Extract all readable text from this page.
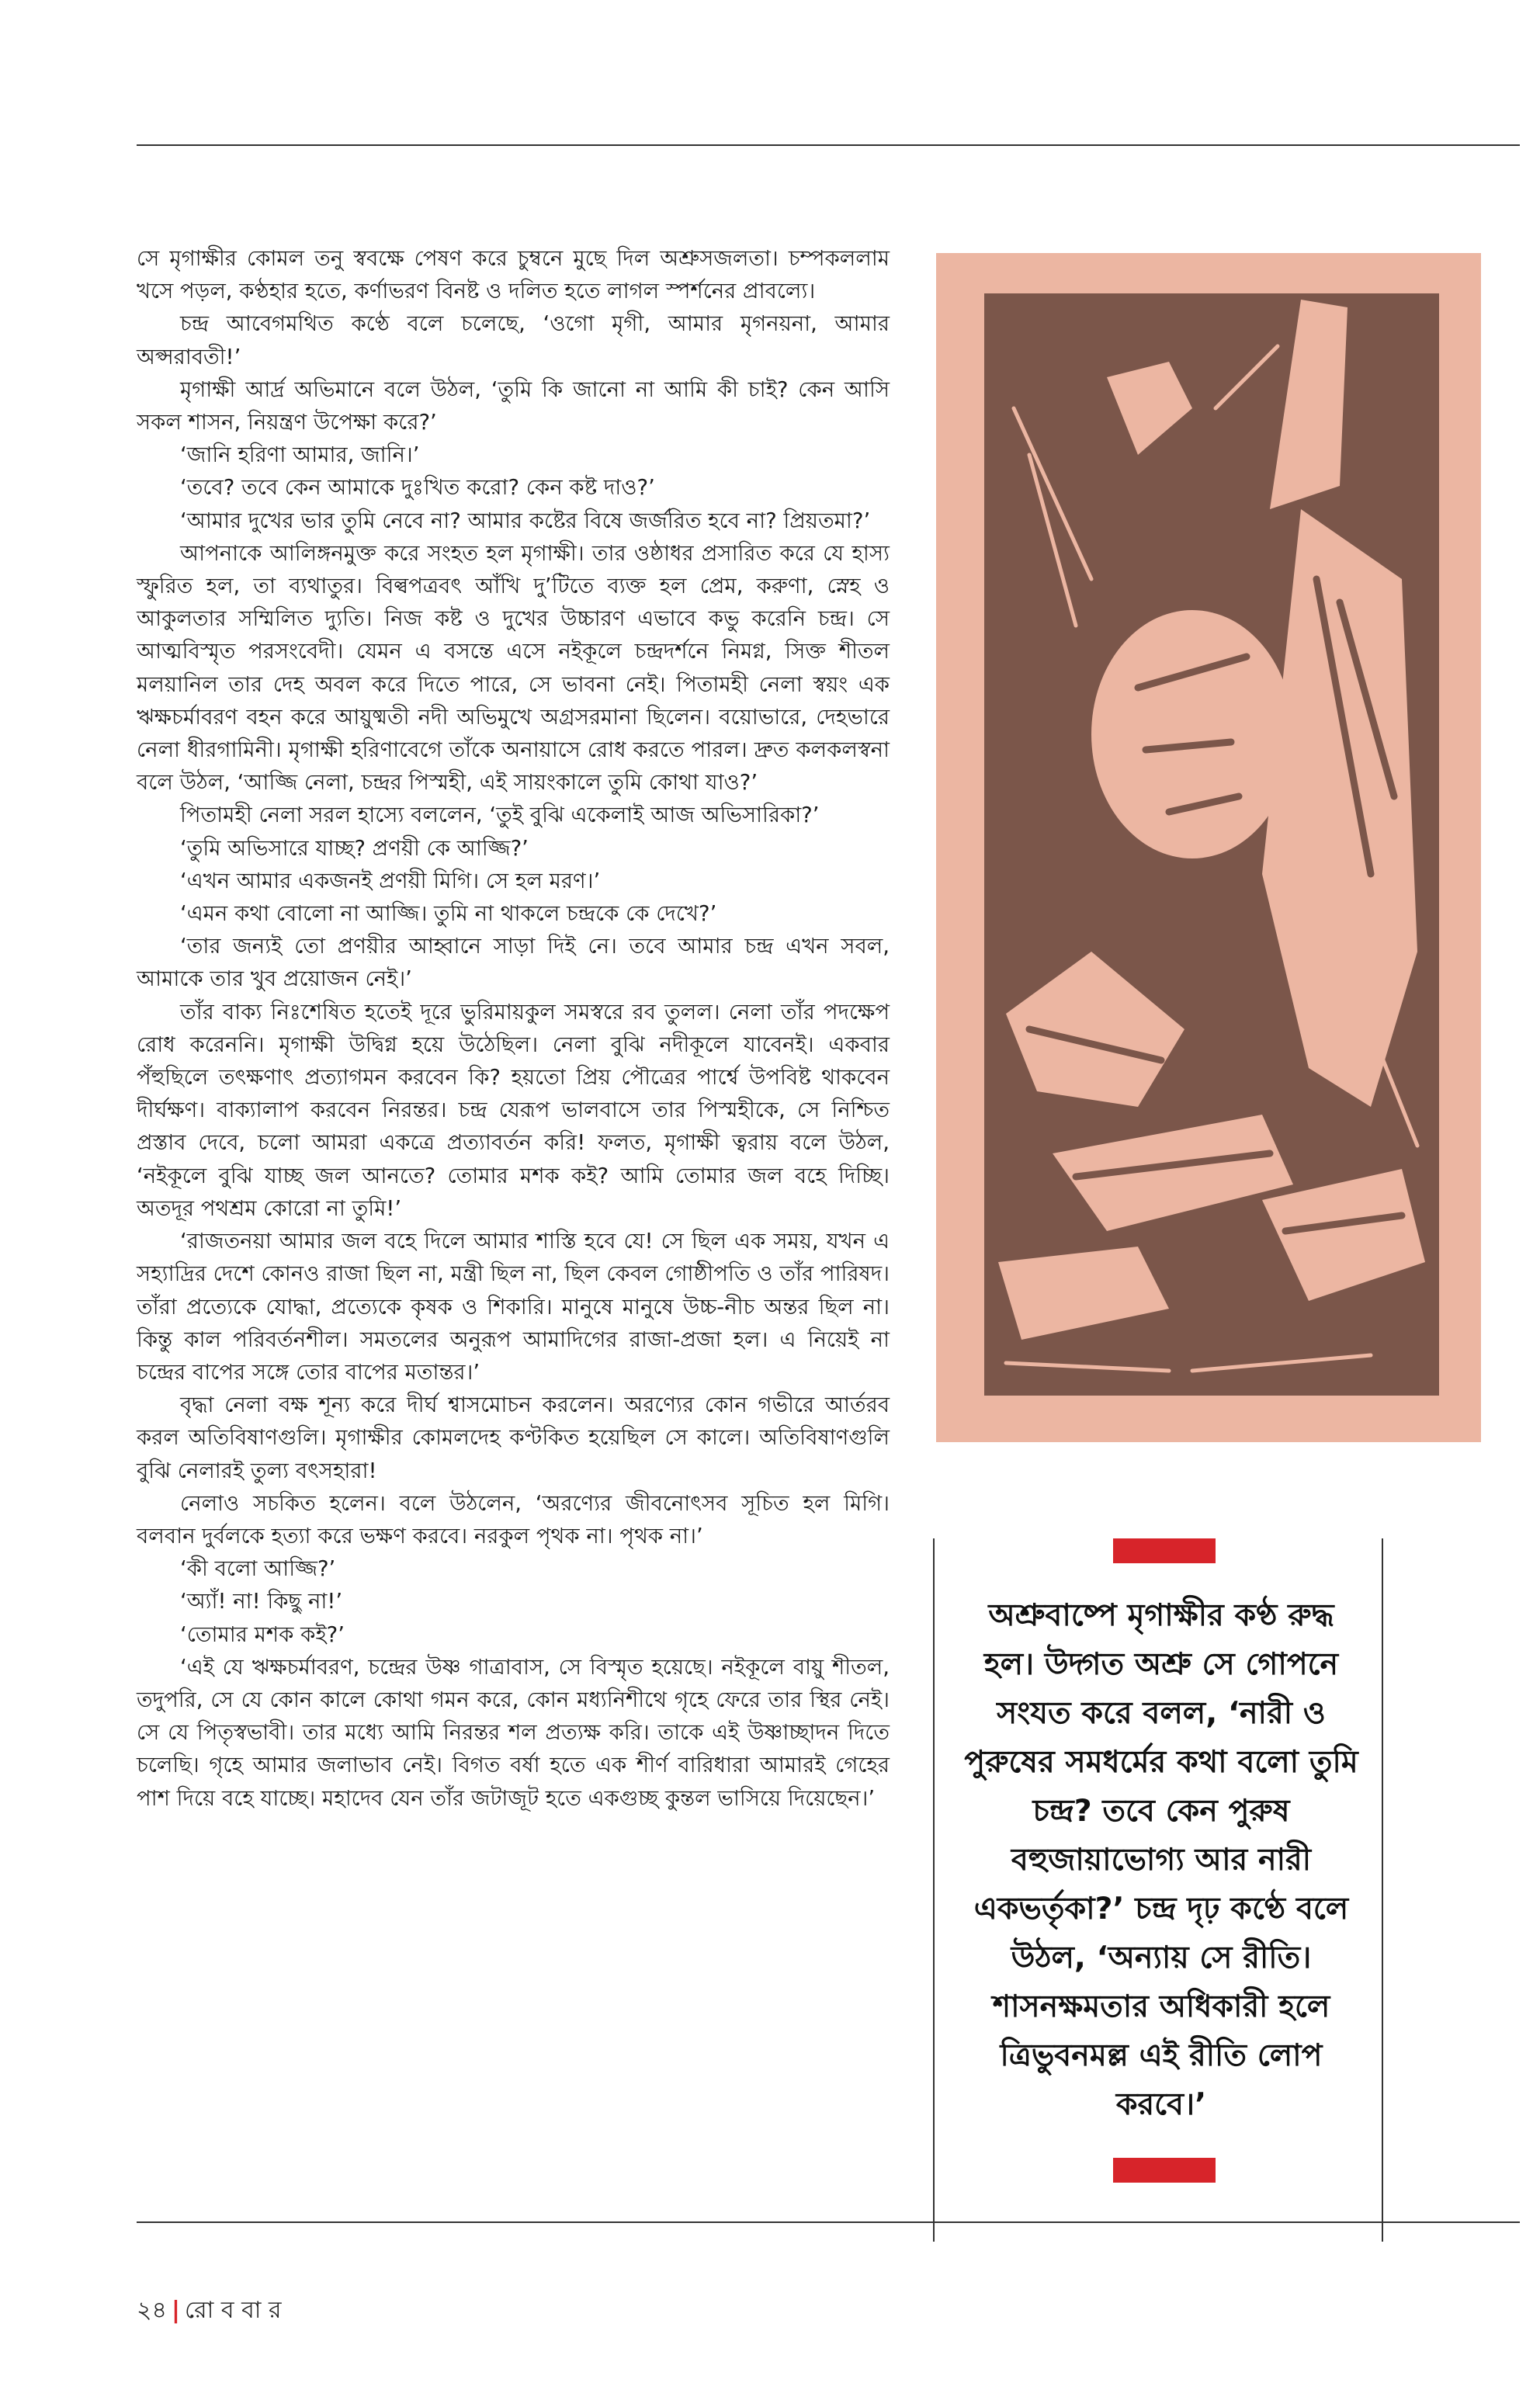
সে মৃগাক্ষীর কোমল তনু স্ববক্ষে পেষণ করে চুম্বনে মুছে দিল অশ্রুসজলতা। চম্পকললাম খসে পড়ল, কণ্ঠহার হতে, কর্ণাভরণ বিনষ্ট ও দলিত হতে লাগল স্পর্শনের প্রাবল্যে।

চন্দ্র আবেগমথিত কণ্ঠে বলে চলেছে, ‘ওগো মৃগী, আমার মৃগনয়না, আমার অপ্সরাবতী!’

মৃগাক্ষী আর্দ্র অভিমানে বলে উঠল, ‘তুমি কি জানো না আমি কী চাই? কেন আসি সকল শাসন, নিয়ন্ত্রণ উপেক্ষা করে?’

‘জানি হরিণা আমার, জানি।’

‘তবে? তবে কেন আমাকে দুঃখিত করো? কেন কষ্ট দাও?’

‘আমার দুখের ভার তুমি নেবে না? আমার কষ্টের বিষে জর্জরিত হবে না? প্রিয়তমা?’

আপনাকে আলিঙ্গনমুক্ত করে সংহত হল মৃগাক্ষী। তার ওষ্ঠাধর প্রসারিত করে যে হাস্য স্ফুরিত হল, তা ব্যথাতুর। বিল্বপত্রবৎ আঁখি দু’টিতে ব্যক্ত হল প্রেম, করুণা, স্নেহ ও আকুলতার সম্মিলিত দ্যুতি। নিজ কষ্ট ও দুখের উচ্চারণ এভাবে কভু করেনি চন্দ্র। সে আত্মবিস্মৃত পরসংবেদী। যেমন এ বসন্তে এসে নইকূলে চন্দ্রদর্শনে নিমগ্ন, সিক্ত শীতল মলয়ানিল তার দেহ অবল করে দিতে পারে, সে ভাবনা নেই। পিতামহী নেলা স্বয়ং এক ঋক্ষচর্মাবরণ বহন করে আয়ুষ্মতী নদী অভিমুখে অগ্রসরমানা ছিলেন। বয়োভারে, দেহভারে নেলা ধীরগামিনী। মৃগাক্ষী হরিণাবেগে তাঁকে অনায়াসে রোধ করতে পারল। দ্রুত কলকলস্বনা বলে উঠল, ‘আজ্জি নেলা, চন্দ্রর পিস্মহী, এই সায়ংকালে তুমি কোথা যাও?’

পিতামহী নেলা সরল হাস্যে বললেন, ‘তুই বুঝি একেলাই আজ অভিসারিকা?’

‘তুমি অভিসারে যাচ্ছ? প্রণয়ী কে আজ্জি?’

‘এখন আমার একজনই প্রণয়ী মিগি। সে হল মরণ।’

‘এমন কথা বোলো না আজ্জি। তুমি না থাকলে চন্দ্রকে কে দেখে?’

‘তার জন্যই তো প্রণয়ীর আহ্বানে সাড়া দিই নে। তবে আমার চন্দ্র এখন সবল, আমাকে তার খুব প্রয়োজন নেই।’

তাঁর বাক্য নিঃশেষিত হতেই দূরে ভুরিমায়কুল সমস্বরে রব তুলল। নেলা তাঁর পদক্ষেপ রোধ করেননি। মৃগাক্ষী উদ্বিগ্ন হয়ে উঠেছিল। নেলা বুঝি নদীকূলে যাবেনই। একবার পঁহুছিলে তৎক্ষণাৎ প্রত্যাগমন করবেন কি? হয়তো প্রিয় পৌত্রের পার্শ্বে উপবিষ্ট থাকবেন দীর্ঘক্ষণ। বাক্যালাপ করবেন নিরন্তর। চন্দ্র যেরূপ ভালবাসে তার পিস্মহীকে, সে নিশ্চিত প্রস্তাব দেবে, চলো আমরা একত্রে প্রত্যাবর্তন করি! ফলত, মৃগাক্ষী ত্বরায় বলে উঠল, ‘নইকূলে বুঝি যাচ্ছ জল আনতে? তোমার মশক কই? আমি তোমার জল বহে দিচ্ছি। অতদূর পথশ্রম কোরো না তুমি!’

‘রাজতনয়া আমার জল বহে দিলে আমার শাস্তি হবে যে! সে ছিল এক সময়, যখন এ সহ্যাদ্রির দেশে কোনও রাজা ছিল না, মন্ত্রী ছিল না, ছিল কেবল গোষ্ঠীপতি ও তাঁর পারিষদ। তাঁরা প্রত্যেকে যোদ্ধা, প্রত্যেকে কৃষক ও শিকারি। মানুষে মানুষে উচ্চ-নীচ অন্তর ছিল না। কিন্তু কাল পরিবর্তনশীল। সমতলের অনুরূপ আমাদিগের রাজা-প্রজা হল। এ নিয়েই না চন্দ্রের বাপের সঙ্গে তোর বাপের মতান্তর।’

বৃদ্ধা নেলা বক্ষ শূন্য করে দীর্ঘ শ্বাসমোচন করলেন। অরণ্যের কোন গভীরে আর্তরব করল অতিবিষাণগুলি। মৃগাক্ষীর কোমলদেহ কণ্টকিত হয়েছিল সে কালে। অতিবিষাণগুলি বুঝি নেলারই তুল্য বৎসহারা!

নেলাও সচকিত হলেন। বলে উঠলেন, ‘অরণ্যের জীবনোৎসব সূচিত হল মিগি। বলবান দুর্বলকে হত্যা করে ভক্ষণ করবে। নরকুল পৃথক না। পৃথক না।’

‘কী বলো আজ্জি?’

‘অ্যাঁ! না! কিছু না!’

‘তোমার মশক কই?’

‘এই যে ঋক্ষচর্মাবরণ, চন্দ্রের উষ্ণ গাত্রাবাস, সে বিস্মৃত হয়েছে। নইকূলে বায়ু শীতল, তদুপরি, সে যে কোন কালে কোথা গমন করে, কোন মধ্যনিশীথে গৃহে ফেরে তার স্থির নেই। সে যে পিতৃস্বভাবী। তার মধ্যে আমি নিরন্তর শল প্রত্যক্ষ করি। তাকে এই উষ্ণাচ্ছাদন দিতে চলেছি। গৃহে আমার জলাভাব নেই। বিগত বর্ষা হতে এক শীর্ণ বারিধারা আমারই গেহের পাশ দিয়ে বহে যাচ্ছে। মহাদেব যেন তাঁর জটাজূট হতে একগুচ্ছ কুন্তল ভাসিয়ে দিয়েছেন।’

অশ্রুবাষ্পে মৃগাক্ষীর কণ্ঠ রুদ্ধ হল। উদ্গত অশ্রু সে গোপনে সংযত করে বলল, ‘নারী ও পুরুষের সমধর্মের কথা বলো তুমি চন্দ্র? তবে কেন পুরুষ বহুজায়াভোগ্য আর নারী একভর্তৃকা?’ চন্দ্র দৃঢ় কণ্ঠে বলে উঠল, ‘অন্যায় সে রীতি। শাসনক্ষমতার অধিকারী হলে ত্রিভুবনমল্ল এই রীতি লোপ করবে।’
২৪ | রো ব বা র
